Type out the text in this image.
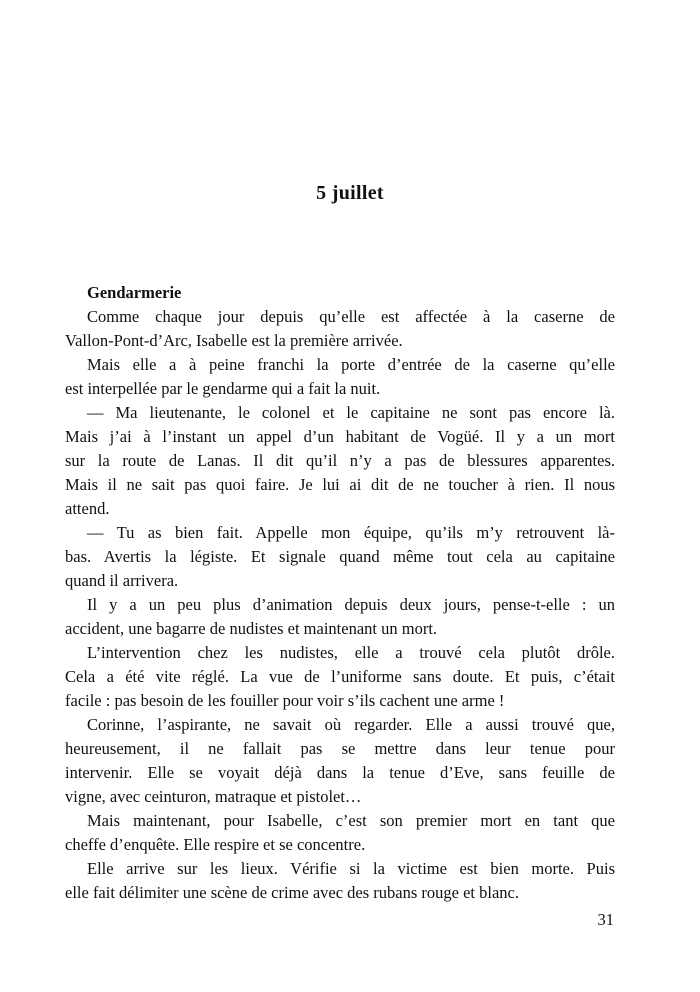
5 juillet

Gendarmerie

Comme chaque jour depuis qu’elle est affectée à la caserne de
Vallon-Pont-d’Arc, Isabelle est la première arrivée.

Mais elle a à peine franchi la porte d’entrée de la caserne qu’elle
est interpellée par le gendarme qui a fait la nuit.

— Ma lieutenante, le colonel et le capitaine ne sont pas encore là.
Mais j’ai à l’instant un appel d’un habitant de Vogüé. Il y a un mort
sur la route de Lanas. Il dit qu’il n’y a pas de blessures apparentes.
Mais il ne sait pas quoi faire. Je lui ai dit de ne toucher à rien. Il nous
attend.

— Tu as bien fait. Appelle mon équipe, qu’ils m’y retrouvent là-
bas. Avertis la légiste. Et signale quand même tout cela au capitaine
quand il arrivera.

Il y a un peu plus d’animation depuis deux jours, pense-t-elle : un
accident, une bagarre de nudistes et maintenant un mort.

L’intervention chez les nudistes, elle a trouvé cela plutôt drôle.
Cela a été vite réglé. La vue de l’uniforme sans doute. Et puis, c’était
facile : pas besoin de les fouiller pour voir s’ils cachent une arme !

Corinne, l’aspirante, ne savait où regarder. Elle a aussi trouvé que,
heureusement, il ne fallait pas se mettre dans leur tenue pour
intervenir. Elle se voyait déjà dans la tenue d’Eve, sans feuille de
vigne, avec ceinturon, matraque et pistolet…

Mais maintenant, pour Isabelle, c’est son premier mort en tant que
cheffe d’enquête. Elle respire et se concentre.

Elle arrive sur les lieux. Vérifie si la victime est bien morte. Puis
elle fait délimiter une scène de crime avec des rubans rouge et blanc.

31
